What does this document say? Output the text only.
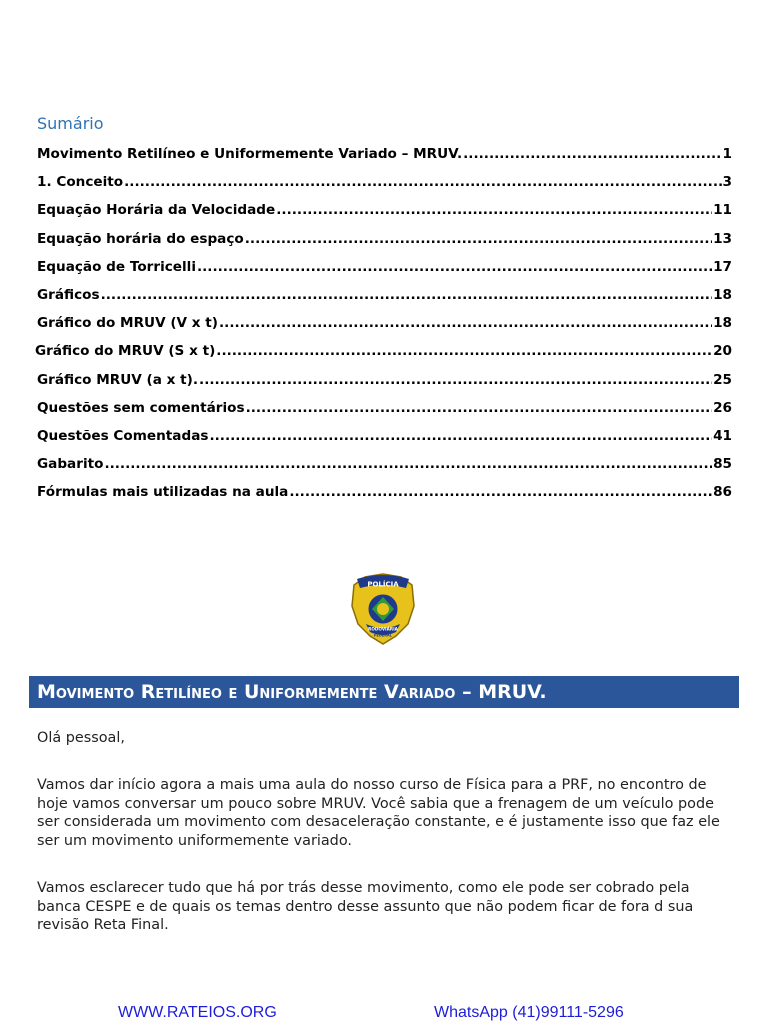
Sumário
Movimento Retilíneo e Uniformemente Variado – MRUV. .....	1
1. Conceito .....	3
Equação Horária da Velocidade .....	11
Equação horária do espaço .....	13
Equação de Torricelli .....	17
Gráficos .....	18
Gráfico do MRUV (V x t) .....	18
Gráfico do MRUV (S x t) .....	20
Gráfico MRUV (a x t). .....	25
Questões sem comentários .....	26
Questões Comentadas .....	41
Gabarito .....	85
Fórmulas mais utilizadas na aula .....	86
POLÍCIA
RODOVIÁRIA
FEDERAL
Movimento Retilíneo e Uniformemente Variado – MRUV.

Olá pessoal,

Vamos dar início agora a mais uma aula do nosso curso de Física para a PRF, no encontro de hoje vamos conversar um pouco sobre MRUV. Você sabia que a frenagem de um veículo pode ser considerada um movimento com desaceleração constante, e é justamente isso que faz ele ser um movimento uniformemente variado.

Vamos esclarecer tudo que há por trás desse movimento, como ele pode ser cobrado pela banca CESPE e de quais os temas dentro desse assunto que não podem ficar de fora d sua revisão Reta Final.

WWW.RATEIOS.ORG	WhatsApp (41)99111-5296
